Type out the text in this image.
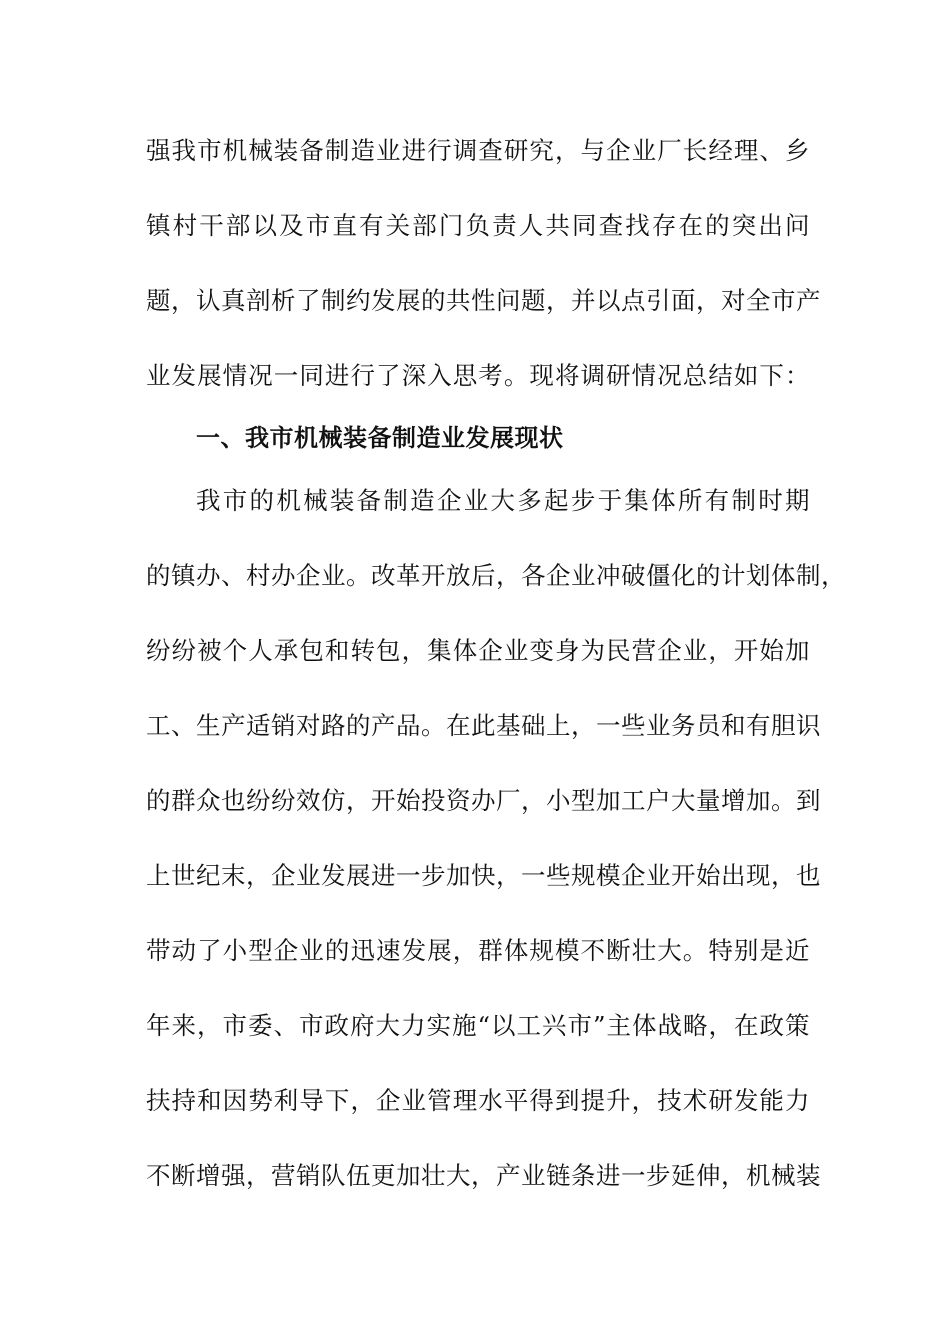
强我市机械装备制造业进行调查研究，与企业厂长经理、乡
镇村干部以及市直有关部门负责人共同查找存在的突出问
题，认真剖析了制约发展的共性问题，并以点引面，对全市产
业发展情况一同进行了深入思考。现将调研情况总结如下：
一、我市机械装备制造业发展现状
我市的机械装备制造企业大多起步于集体所有制时期
的镇办、村办企业。改革开放后，各企业冲破僵化的计划体制，
纷纷被个人承包和转包，集体企业变身为民营企业，开始加
工、生产适销对路的产品。在此基础上，一些业务员和有胆识
的群众也纷纷效仿，开始投资办厂，小型加工户大量增加。到
上世纪末，企业发展进一步加快，一些规模企业开始出现，也
带动了小型企业的迅速发展，群体规模不断壮大。特别是近
年来，市委、市政府大力实施“以工兴市”主体战略，在政策
扶持和因势利导下，企业管理水平得到提升，技术研发能力
不断增强，营销队伍更加壮大，产业链条进一步延伸，机械装
